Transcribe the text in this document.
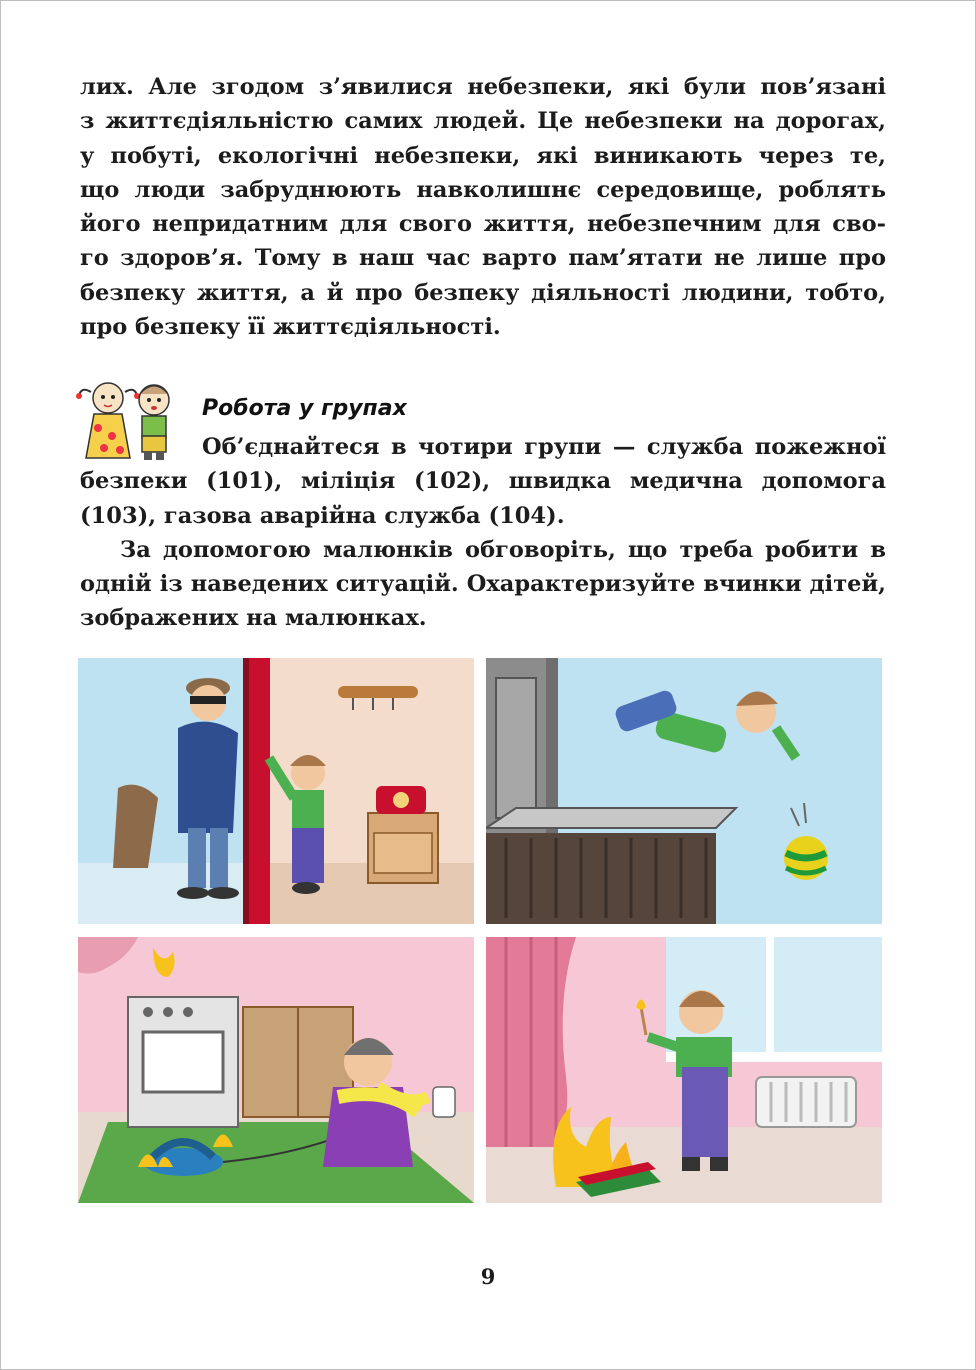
лих. Але згодом з’явилися небезпеки, які були пов’язані

з життєдіяльністю самих людей. Це небезпеки на дорогах,

у побуті, екологічні небезпеки, які виникають через те,

що люди забруднюють навколишнє середовище, роблять

його непридатним для свого життя, небезпечним для сво-

го здоров’я. Тому в наш час варто пам’ятати не лише про

безпеку життя, а й про безпеку діяльності людини, тобто,

про безпеку її життєдіяльності.

Робота у групах

Об’єднайтеся в чотири групи — служба пожежної безпеки (101), міліція (102), швидка медична допомога (103), газова аварійна служба (104).

За допомогою малюнків обговоріть, що треба робити в одній із наведених ситуацій. Охарактеризуйте вчинки дітей, зображених на малюнках.

9
